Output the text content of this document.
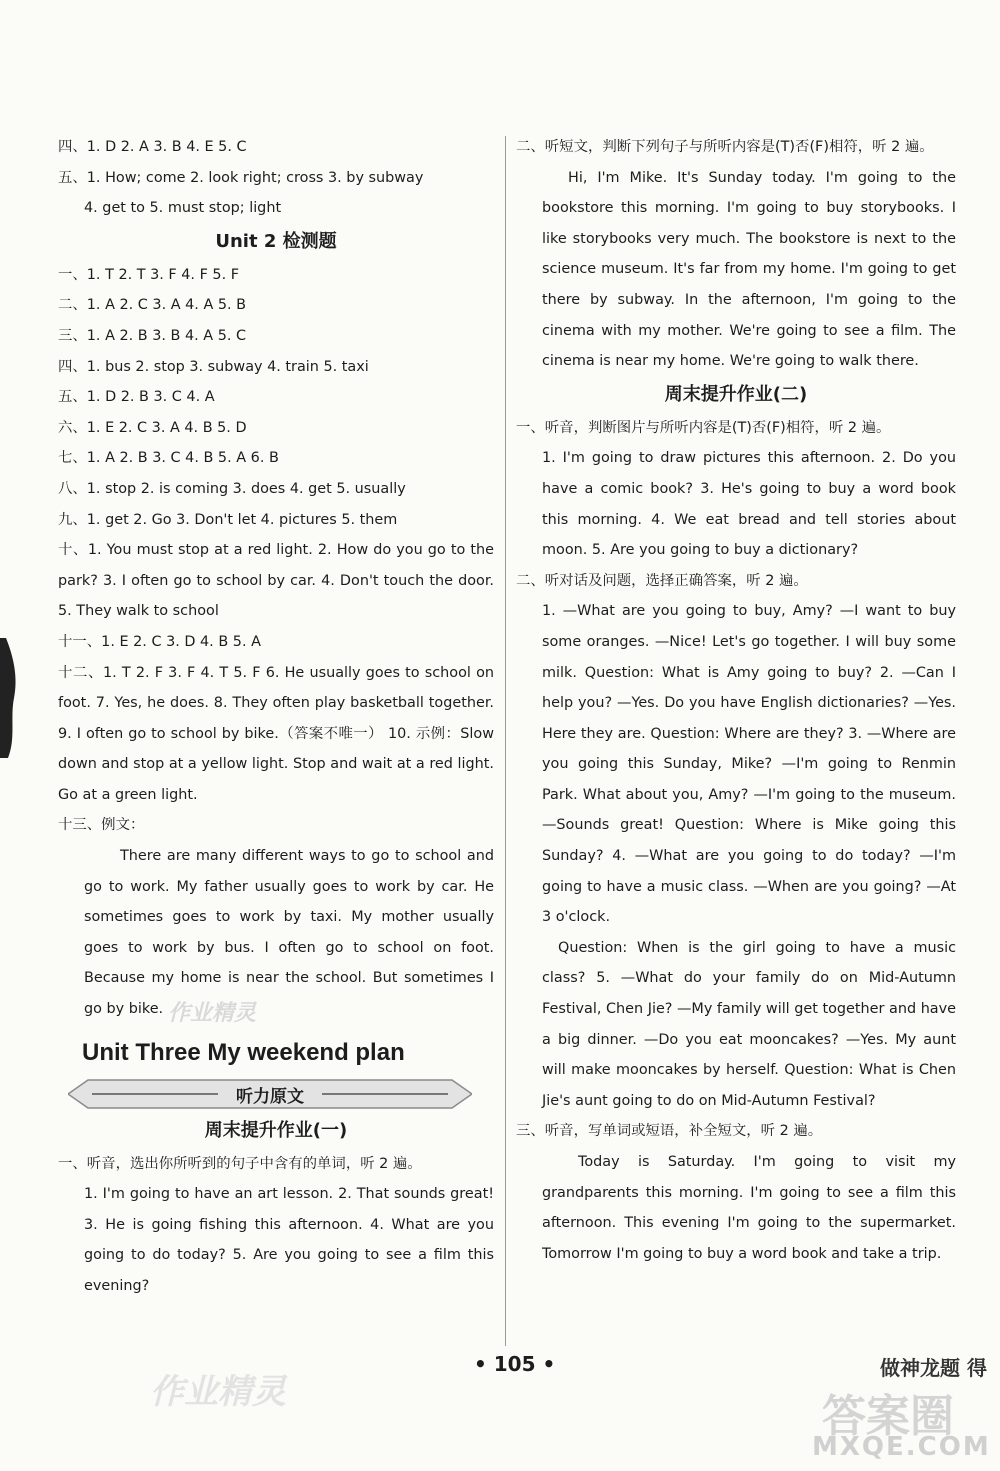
四、1. D 2. A 3. B 4. E 5. C
五、1. How; come 2. look right; cross 3. by subway
4. get to 5. must stop; light
Unit 2 检测题
一、1. T 2. T 3. F 4. F 5. F
二、1. A 2. C 3. A 4. A 5. B
三、1. A 2. B 3. B 4. A 5. C
四、1. bus 2. stop 3. subway 4. train 5. taxi
五、1. D 2. B 3. C 4. A
六、1. E 2. C 3. A 4. B 5. D
七、1. A 2. B 3. C 4. B 5. A 6. B
八、1. stop 2. is coming 3. does 4. get 5. usually
九、1. get 2. Go 3. Don't let 4. pictures 5. them
十、1. You must stop at a red light. 2. How do you go to the park? 3. I often go to school by car. 4. Don't touch the door. 5. They walk to school
十一、1. E 2. C 3. D 4. B 5. A
十二、1. T 2. F 3. F 4. T 5. F 6. He usually goes to school on foot. 7. Yes, he does. 8. They often play basketball together. 9. I often go to school by bike.（答案不唯一） 10. 示例：Slow down and stop at a yellow light. Stop and wait at a red light. Go at a green light.
十三、例文：
There are many different ways to go to school and go to work. My father usually goes to work by car. He sometimes goes to work by taxi. My mother usually goes to work by bus. I often go to school on foot. Because my home is near the school. But sometimes I go by bike.
Unit Three My weekend plan
听力原文
周末提升作业(一)
一、听音，选出你所听到的句子中含有的单词，听 2 遍。
1. I'm going to have an art lesson. 2. That sounds great! 3. He is going fishing this afternoon. 4. What are you going to do today? 5. Are you going to see a film this evening?
二、听短文，判断下列句子与所听内容是(T)否(F)相符，听 2 遍。
Hi, I'm Mike. It's Sunday today. I'm going to the bookstore this morning. I'm going to buy storybooks. I like storybooks very much. The bookstore is next to the science museum. It's far from my home. I'm going to get there by subway. In the afternoon, I'm going to the cinema with my mother. We're going to see a film. The cinema is near my home. We're going to walk there.
周末提升作业(二)
一、听音，判断图片与所听内容是(T)否(F)相符，听 2 遍。
1. I'm going to draw pictures this afternoon. 2. Do you have a comic book? 3. He's going to buy a word book this morning. 4. We eat bread and tell stories about moon. 5. Are you going to buy a dictionary?
二、听对话及问题，选择正确答案，听 2 遍。
1. —What are you going to buy, Amy? —I want to buy some oranges. —Nice! Let's go together. I will buy some milk. Question: What is Amy going to buy? 2. —Can I help you? —Yes. Do you have English dictionaries? —Yes. Here they are. Question: Where are they? 3. —Where are you going this Sunday, Mike? —I'm going to Renmin Park. What about you, Amy? —I'm going to the museum. —Sounds great! Question: Where is Mike going this Sunday? 4. —What are you going to do today? —I'm going to have a music class. —When are you going? —At 3 o'clock.
Question: When is the girl going to have a music class? 5. —What do your family do on Mid-Autumn Festival, Chen Jie? —My family will get together and have a big dinner. —Do you eat mooncakes? —Yes. My aunt will make mooncakes by herself. Question: What is Chen Jie's aunt going to do on Mid-Autumn Festival?
三、听音，写单词或短语，补全短文，听 2 遍。
Today is Saturday. I'm going to visit my grandparents this morning. I'm going to see a film this afternoon. This evening I'm going to the supermarket. Tomorrow I'm going to buy a word book and take a trip.
• 105 •	做神龙题 得
作业精灵
作业精灵
答案圈
MXQE.COM
